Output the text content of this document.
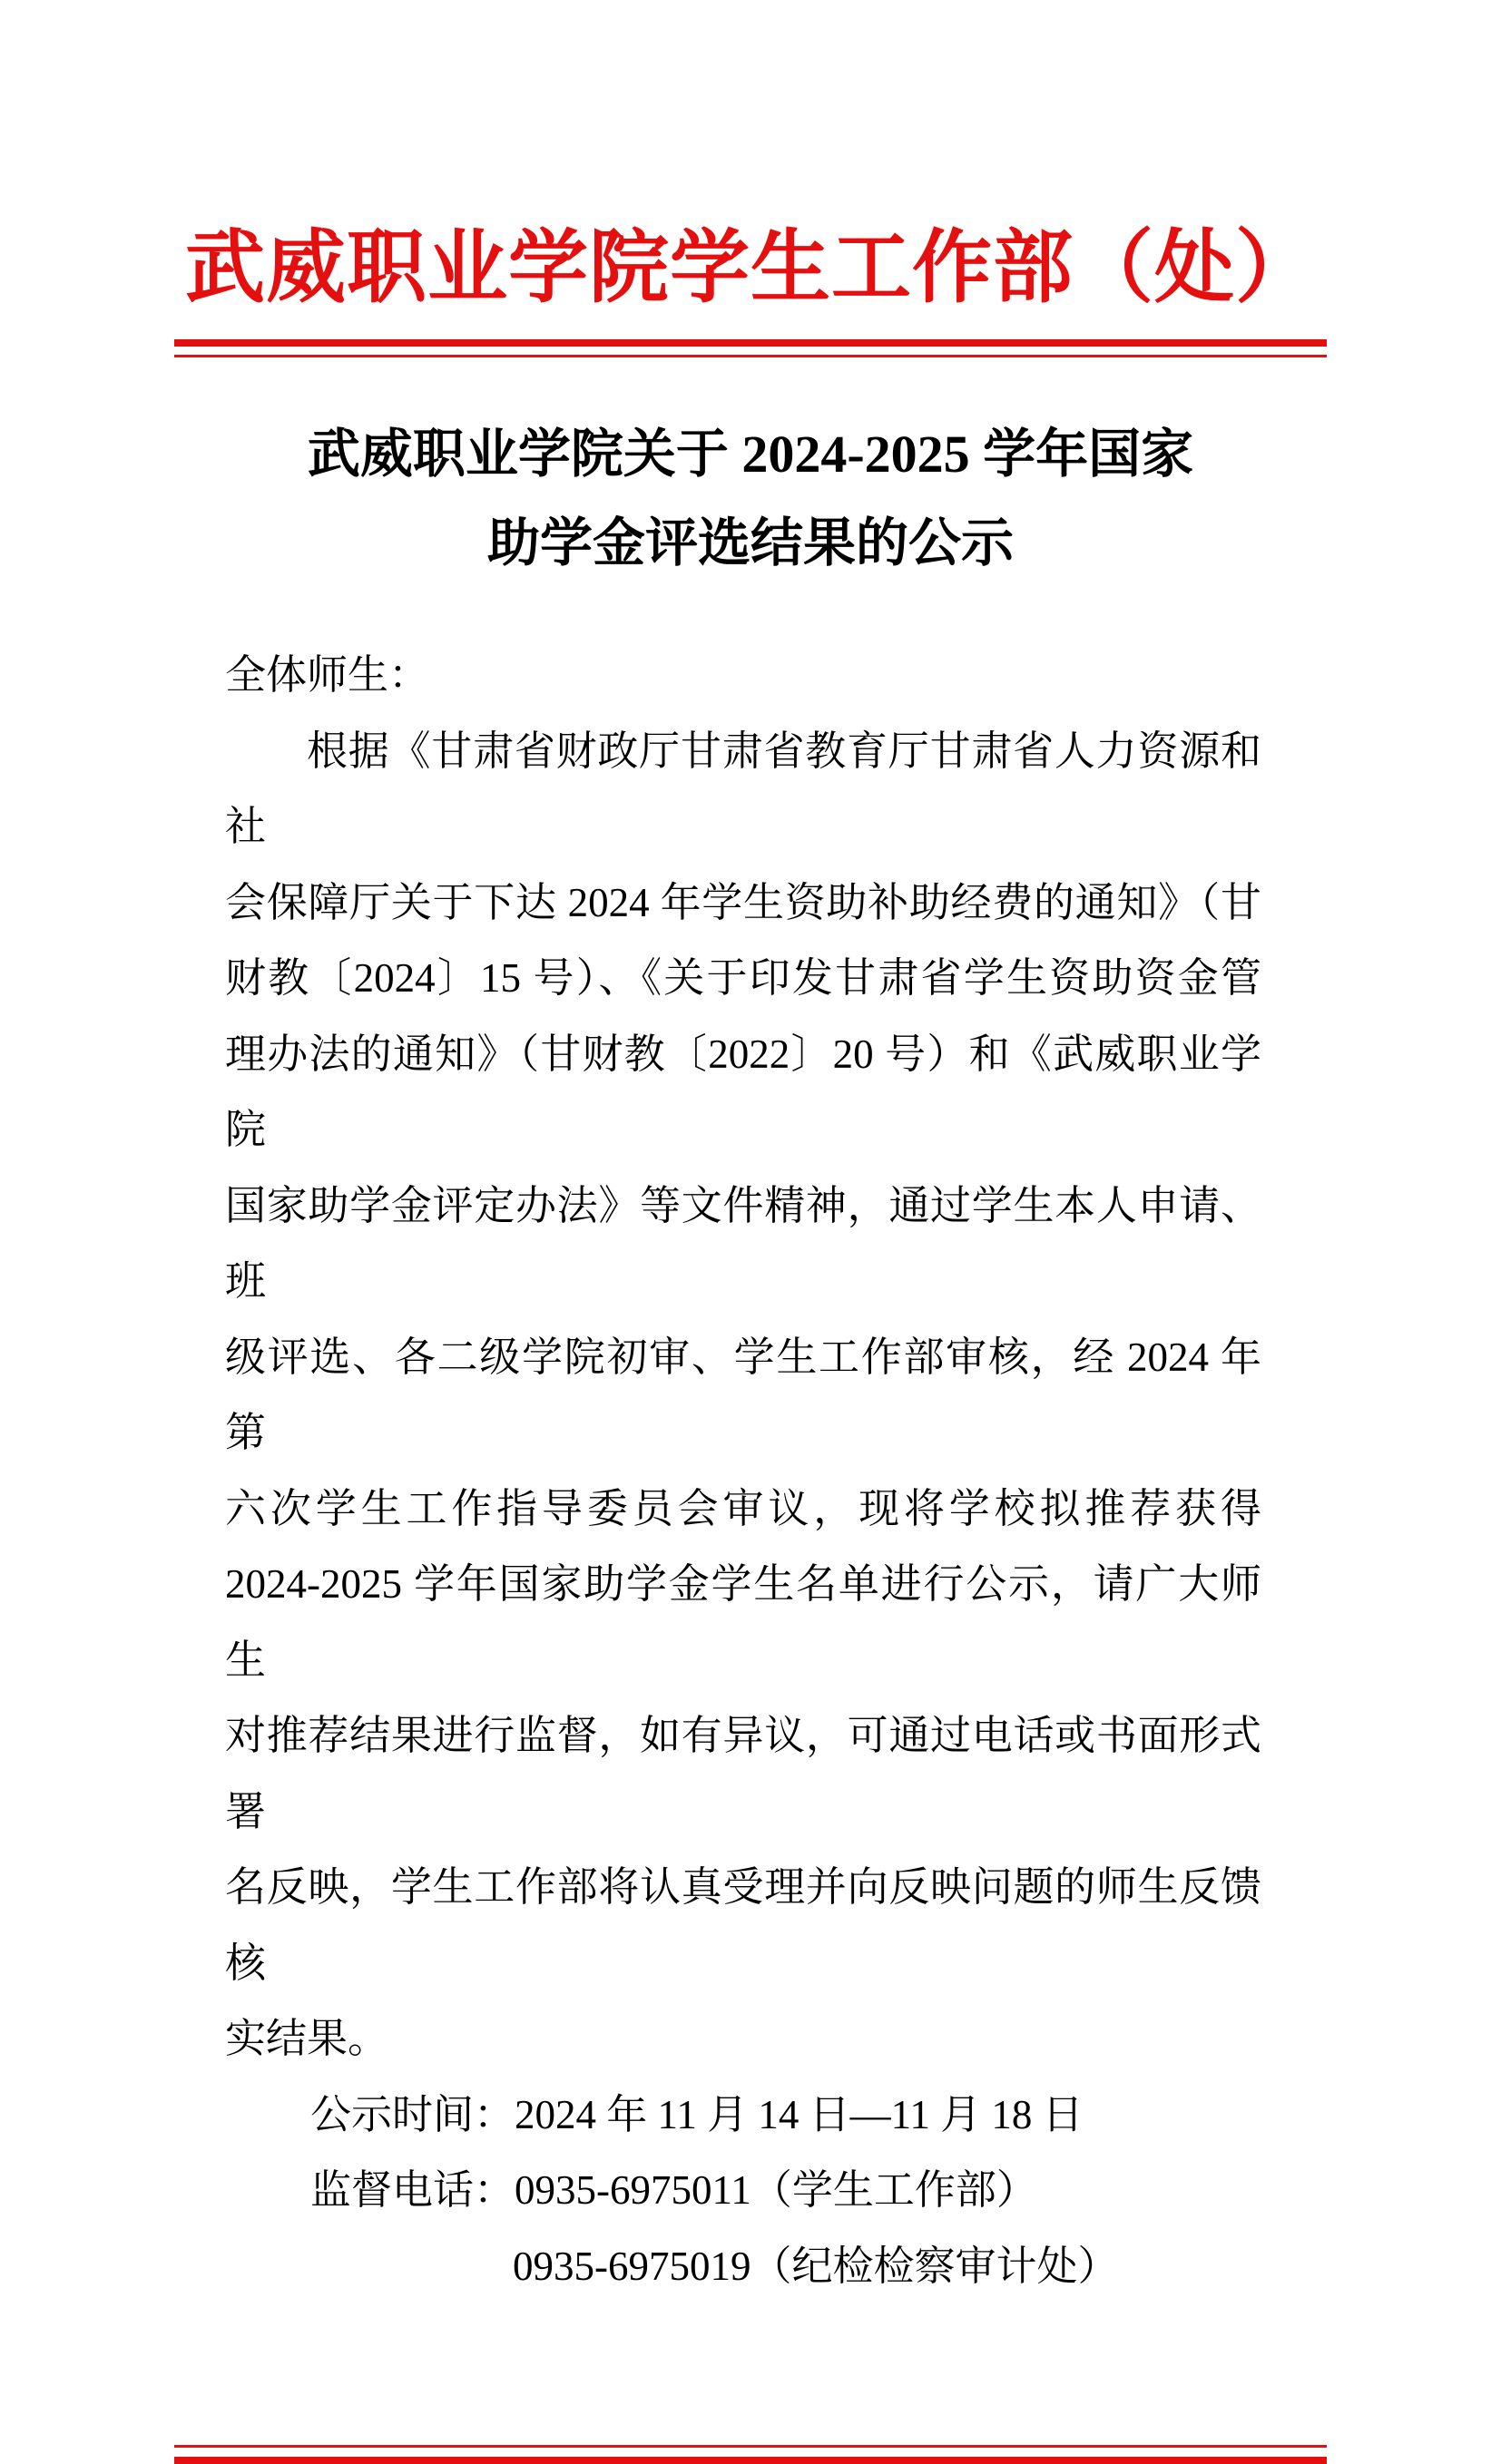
武威职业学院学生工作部（处）
武威职业学院关于 2024-2025 学年国家
助学金评选结果的公示
全体师生：
根据《甘肃省财政厅甘肃省教育厅甘肃省人力资源和社
会保障厅关于下达 2024 年学生资助补助经费的通知》（甘
财教〔2024〕15 号）、《关于印发甘肃省学生资助资金管
理办法的通知》（甘财教〔2022〕20 号）和《武威职业学院
国家助学金评定办法》等文件精神，通过学生本人申请、班
级评选、各二级学院初审、学生工作部审核，经 2024 年第
六次学生工作指导委员会审议，现将学校拟推荐获得
2024-2025 学年国家助学金学生名单进行公示，请广大师生
对推荐结果进行监督，如有异议，可通过电话或书面形式署
名反映，学生工作部将认真受理并向反映问题的师生反馈核
实结果。
公示时间：2024 年 11 月 14 日—11 月 18 日
监督电话：0935-6975011（学生工作部）
0935-6975019（纪检检察审计处）
